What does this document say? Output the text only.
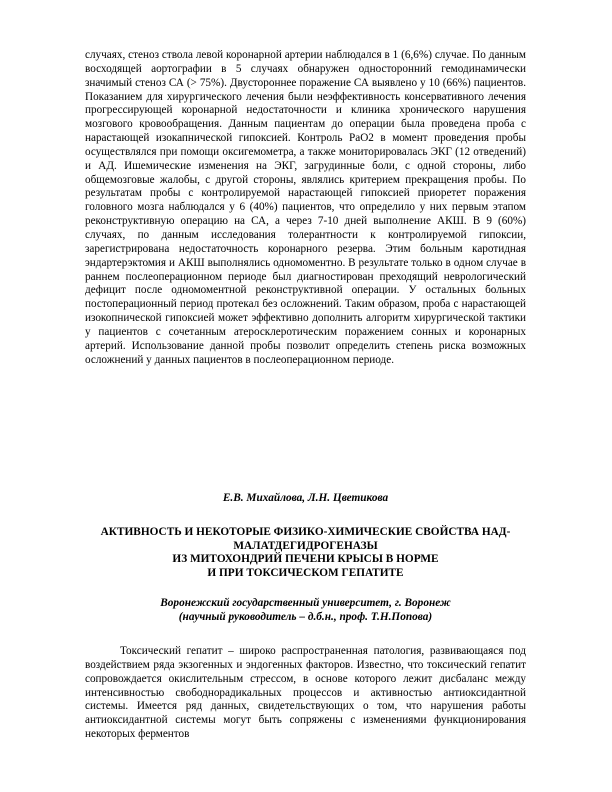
случаях, стеноз ствола левой коронарной артерии наблюдался в 1 (6,6%) случае. По данным восходящей аортографии в 5 случаях обнаружен односторонний гемодинамически значимый стеноз СА (> 75%). Двустороннее поражение СА выявлено у 10 (66%) пациентов. Показанием для хирургического лечения были неэффективность консервативного лечения прогрессирующей коронарной недостаточности и клиника хронического нарушения мозгового кровообращения. Данным пациентам до операции была проведена проба с нарастающей изокапнической гипоксией. Контроль PaO2 в момент проведения пробы осуществлялся при помощи оксигемометра, а также мониторировалась ЭКГ (12 отведений) и АД. Ишемические изменения на ЭКГ, загрудинные боли, с одной стороны, либо общемозговые жалобы, с другой стороны, являлись критерием прекращения пробы. По результатам пробы с контролируемой нарастающей гипоксией приоретет поражения головного мозга наблюдался у 6 (40%) пациентов, что определило у них первым этапом реконструктивную операцию на СА, а через 7-10 дней выполнение АКШ. В 9 (60%) случаях, по данным исследования толерантности к контролируемой гипоксии, зарегистрирована недостаточность коронарного резерва. Этим больным каротидная эндартерэктомия и АКШ выполнялись одномоментно. В результате только в одном случае в раннем послеоперационном периоде был диагностирован преходящий неврологический дефицит после одномоментной реконструктивной операции. У остальных больных постоперационный период протекал без осложнений. Таким образом, проба с нарастающей изокопнической гипоксией может эффективно дополнить алгоритм хирургической тактики у пациентов с сочетанным атеросклеротическим поражением сонных и коронарных артерий. Использование данной пробы позволит определить степень риска возможных осложнений у данных пациентов в послеоперационном периоде.

Е.В. Михайлова, Л.Н. Цветикова

АКТИВНОСТЬ И НЕКОТОРЫЕ ФИЗИКО-ХИМИЧЕСКИЕ СВОЙСТВА НАД-
МАЛАТДЕГИДРОГЕНАЗЫ
ИЗ МИТОХОНДРИЙ ПЕЧЕНИ КРЫСЫ В НОРМЕ
И ПРИ ТОКСИЧЕСКОМ ГЕПАТИТЕ
Воронежский государственный университет, г. Воронеж
(научный руководитель – д.б.н., проф. Т.Н.Попова)

Токсический гепатит – широко распространенная патология, развивающаяся под воздействием ряда экзогенных и эндогенных факторов. Известно, что токсический гепатит сопровождается окислительным стрессом, в основе которого лежит дисбаланс между интенсивностью свободнорадикальных процессов и активностью антиоксидантной системы. Имеется ряд данных, свидетельствующих о том, что нарушения работы антиоксидантной системы могут быть сопряжены с изменениями функционирования некоторых ферментов
